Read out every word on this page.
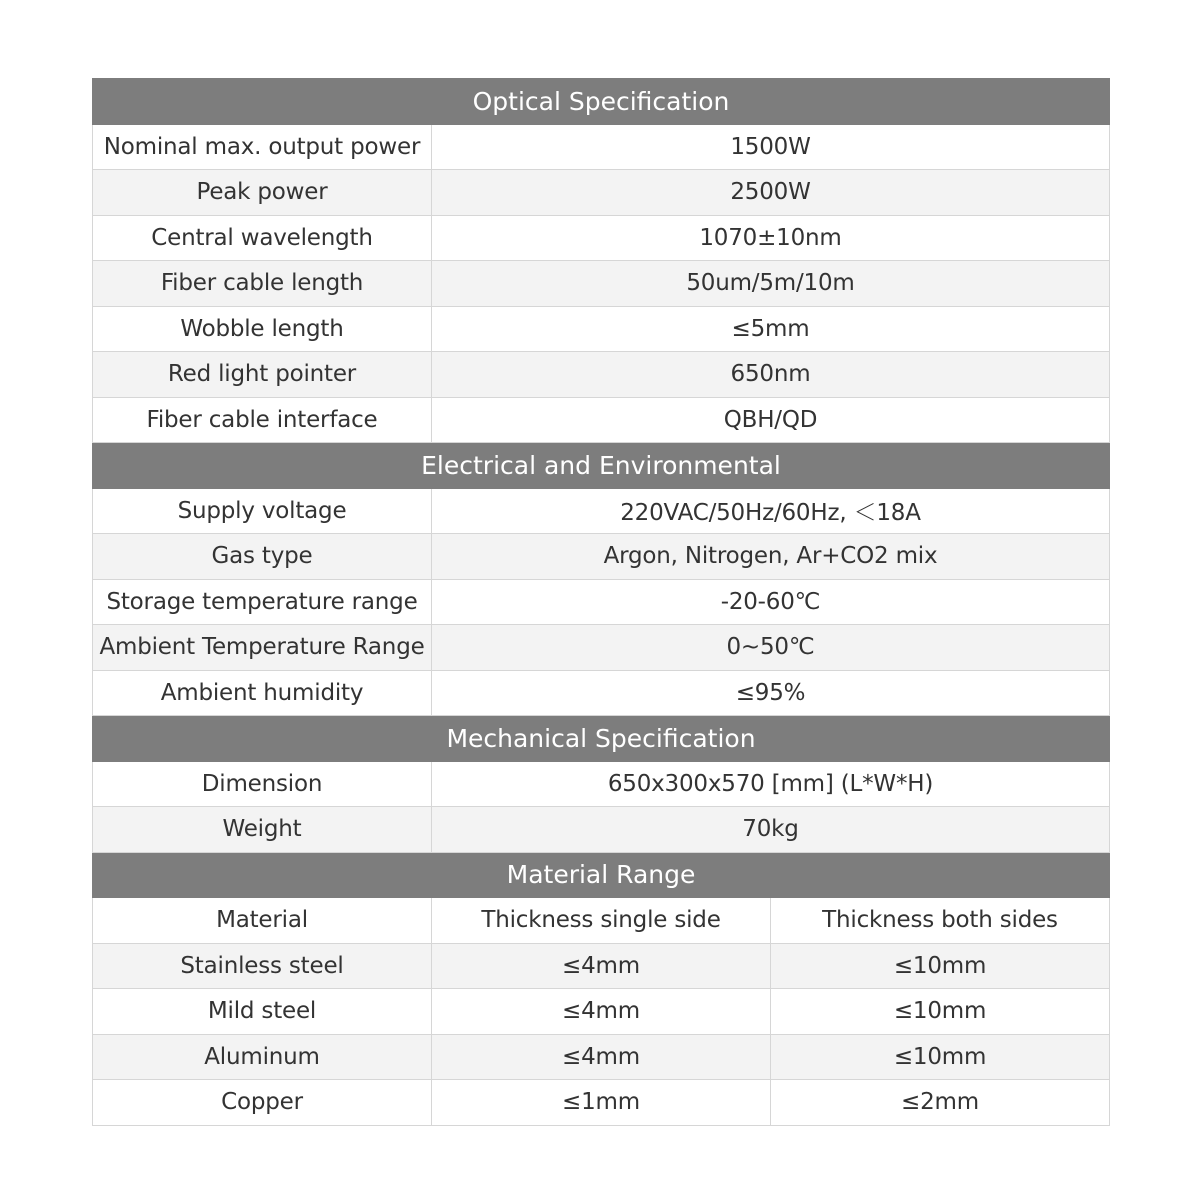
Optical Specification		
Nominal max. output power	1500W	
Peak power	2500W	
Central wavelength	1070±10nm	
Fiber cable length	50um/5m/10m	
Wobble length	≤5mm	
Red light pointer	650nm	
Fiber cable interface	QBH/QD	
Electrical and Environmental		
Supply voltage	220VAC/50Hz/60Hz, ＜18A	
Gas type	Argon, Nitrogen, Ar+CO2 mix	
Storage temperature range	-20-60℃	
Ambient Temperature Range	0~50℃	
Ambient humidity	≤95%	
Mechanical Specification		
Dimension	650x300x570 [mm] (L*W*H)	
Weight	70kg	
Material Range		
Material	Thickness single side	Thickness both sides
Stainless steel	≤4mm	≤10mm
Mild steel	≤4mm	≤10mm
Aluminum	≤4mm	≤10mm
Copper	≤1mm	≤2mm
